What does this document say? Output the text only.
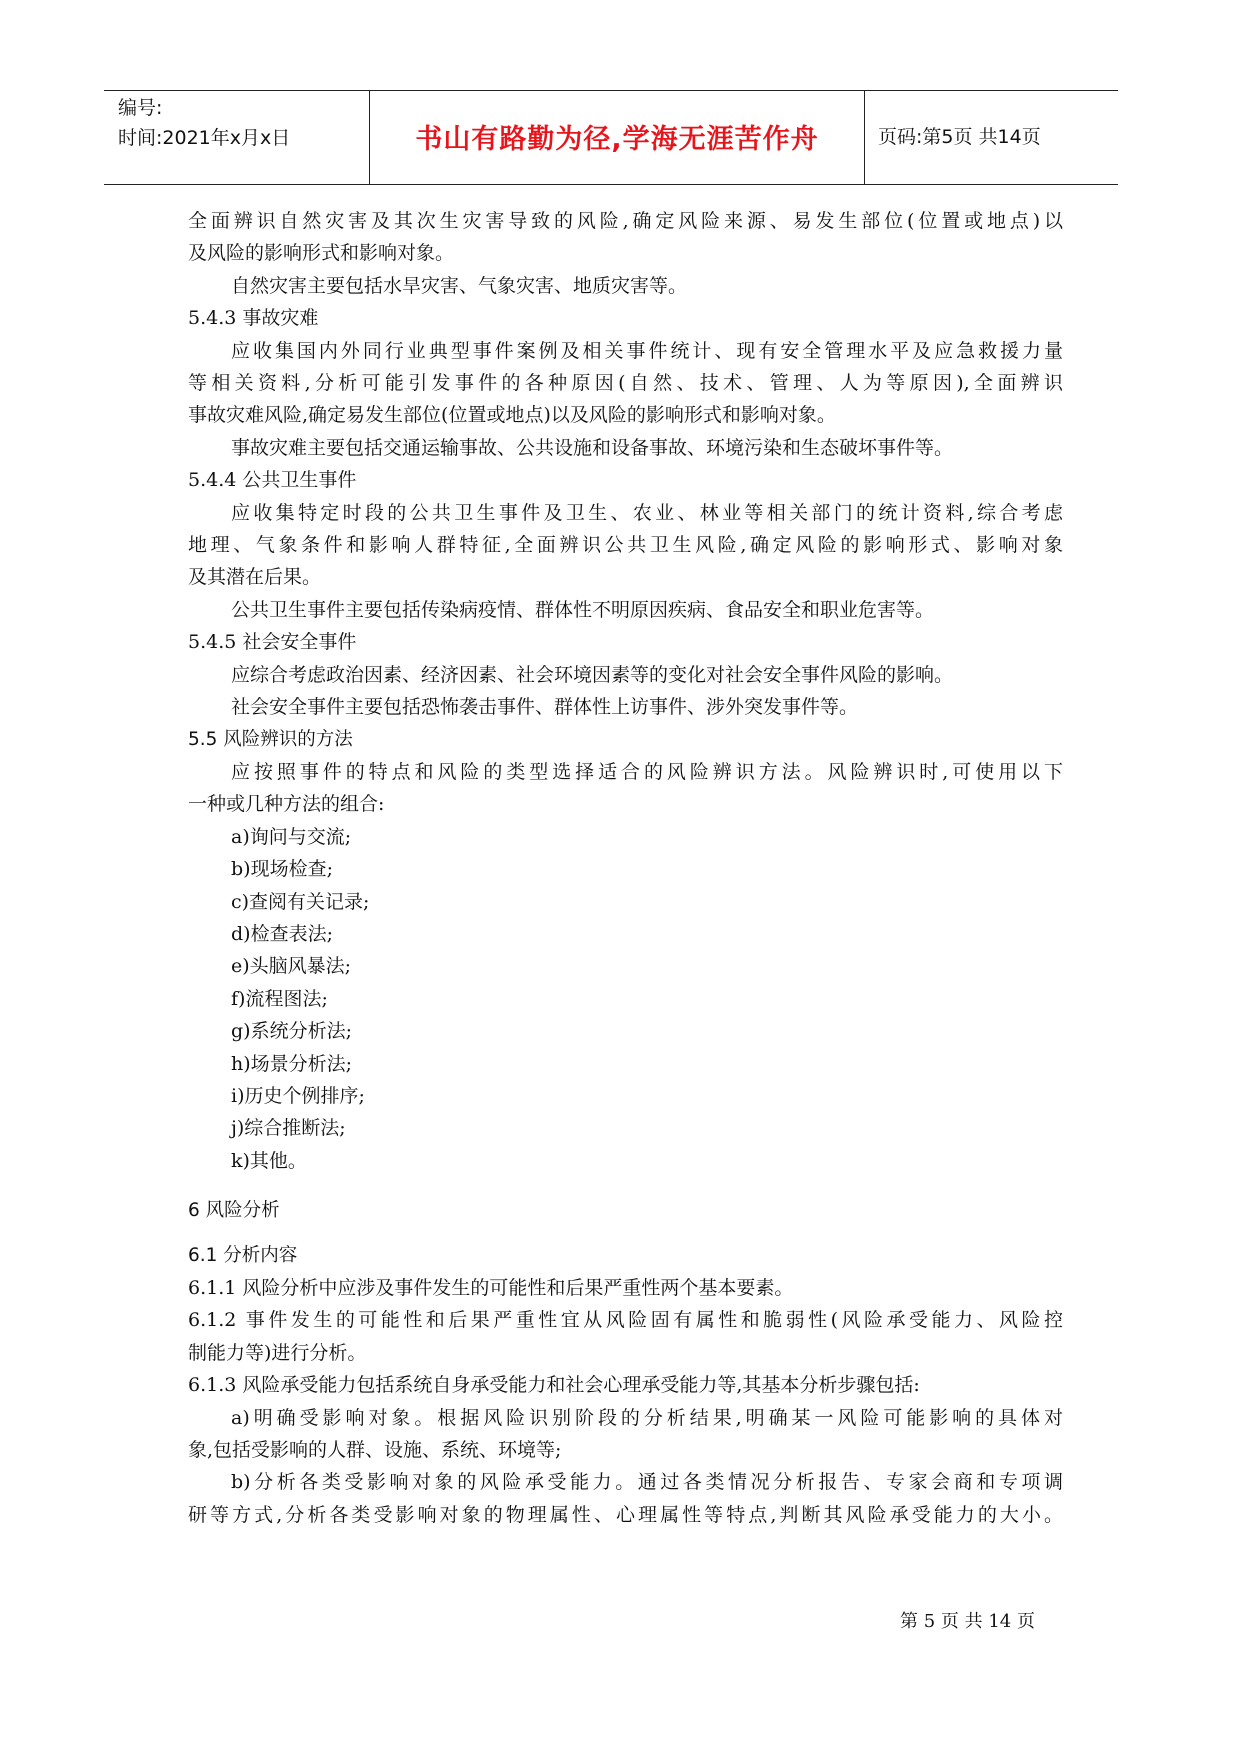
编号:
时间:2021年x月x日	书山有路勤为径,学海无涯苦作舟	页码:第5页 共14页
全面辨识自然灾害及其次生灾害导致的风险,确定风险来源、易发生部位(位置或地点)以
及风险的影响形式和影响对象。
自然灾害主要包括水旱灾害、气象灾害、地质灾害等。
5.4.3 事故灾难
应收集国内外同行业典型事件案例及相关事件统计、现有安全管理水平及应急救援力量
等相关资料,分析可能引发事件的各种原因(自然、技术、管理、人为等原因),全面辨识
事故灾难风险,确定易发生部位(位置或地点)以及风险的影响形式和影响对象。
事故灾难主要包括交通运输事故、公共设施和设备事故、环境污染和生态破坏事件等。
5.4.4 公共卫生事件
应收集特定时段的公共卫生事件及卫生、农业、林业等相关部门的统计资料,综合考虑
地理、气象条件和影响人群特征,全面辨识公共卫生风险,确定风险的影响形式、影响对象
及其潜在后果。
公共卫生事件主要包括传染病疫情、群体性不明原因疾病、食品安全和职业危害等。
5.4.5 社会安全事件
应综合考虑政治因素、经济因素、社会环境因素等的变化对社会安全事件风险的影响。
社会安全事件主要包括恐怖袭击事件、群体性上访事件、涉外突发事件等。
5.5 风险辨识的方法
应按照事件的特点和风险的类型选择适合的风险辨识方法。风险辨识时,可使用以下
一种或几种方法的组合:
a)询问与交流;
b)现场检查;
c)查阅有关记录;
d)检查表法;
e)头脑风暴法;
f)流程图法;
g)系统分析法;
h)场景分析法;
i)历史个例排序;
j)综合推断法;
k)其他。
6 风险分析
6.1 分析内容
6.1.1 风险分析中应涉及事件发生的可能性和后果严重性两个基本要素。
6.1.2 事件发生的可能性和后果严重性宜从风险固有属性和脆弱性(风险承受能力、风险控
制能力等)进行分析。
6.1.3 风险承受能力包括系统自身承受能力和社会心理承受能力等,其基本分析步骤包括:
a)明确受影响对象。根据风险识别阶段的分析结果,明确某一风险可能影响的具体对
象,包括受影响的人群、设施、系统、环境等;
b)分析各类受影响对象的风险承受能力。通过各类情况分析报告、专家会商和专项调
研等方式,分析各类受影响对象的物理属性、心理属性等特点,判断其风险承受能力的大小。
第 5 页 共 14 页
